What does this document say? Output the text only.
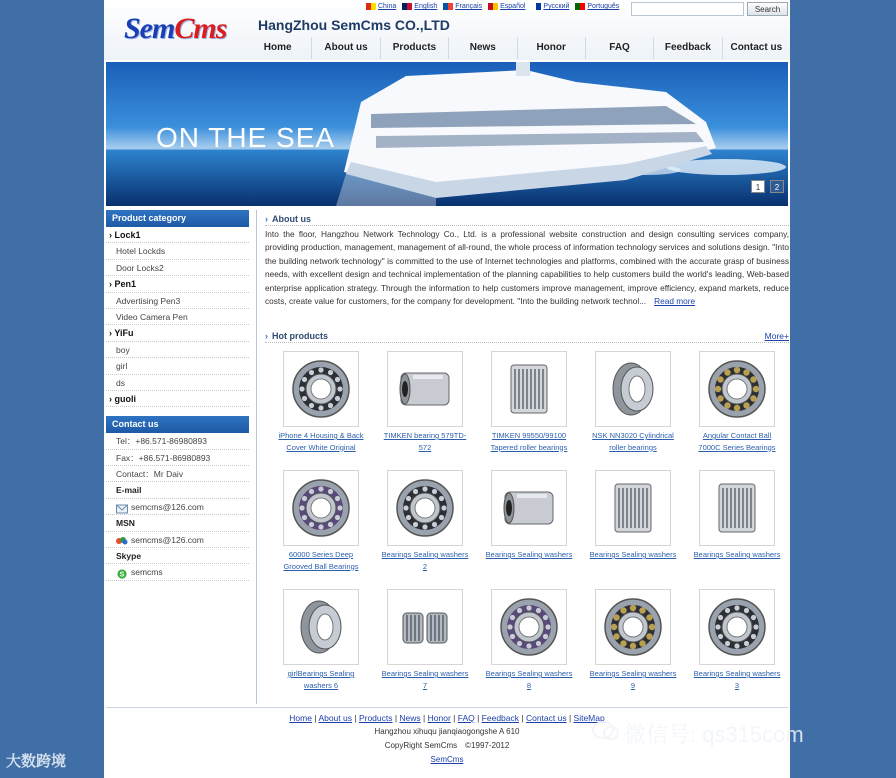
SemCms HangZhou SemCms CO.,LTD
China	English	Français	Español	Русский	Português	Search
Home	About us	Products	News	Honor	FAQ	Feedback	Contact us
ON THE SEA
1	2
Product category
› Lock1
Hotel Lockds
Door Locks2
› Pen1
Advertising Pen3
Video Camera Pen
› YiFu
boy
girl
ds
› guoli
Contact us
Tel：+86.571-86980893
Fax：+86.571-86980893
Contact：Mr Daiv
E-mail
semcms@126.com
MSN
semcms@126.com
Skype
S semcms
› About us
Into the floor, Hangzhou Network Technology Co., Ltd. is a professional website construction and design consulting services company, providing production, management, management of all-round, the whole process of information technology services and solutions design. "Into the building network technology" is committed to the use of Internet technologies and platforms, combined with the accurate grasp of business needs, with excellent design and technical implementation of the planning capabilities to help customers build the world's leading, Web-based enterprise application strategy. Through the information to help customers improve management, improve efficiency, expand markets, reduce costs, create value for customers, for the company for development. "Into the building network technol... Read more
› Hot products	More+
iPhone 4 Housing & Back Cover White Original
TIMKEN bearing 579TD-572
TIMKEN 99550/99100 Tapered roller bearings
NSK NN3020 Cylindrical roller bearings
Angular Contact Ball 7000C Series Bearings
60000 Series Deep Grooved Ball Bearings
Bearings Sealing washers 2
Bearings Sealing washers Bearings Sealing washers Bearings Sealing washers
girlBearings Sealing washers 6
Bearings Sealing washers 7
Bearings Sealing washers 8
Bearings Sealing washers 9
Bearings Sealing washers 3
Home | About us | Products | News | Honor | FAQ | Feedback | Contact us | SiteMap
Hangzhou xihuqu jianqiaogongshe A 610
CopyRight SemCms　©1997-2012
SemCms
大数跨境
微信号: qs315com
